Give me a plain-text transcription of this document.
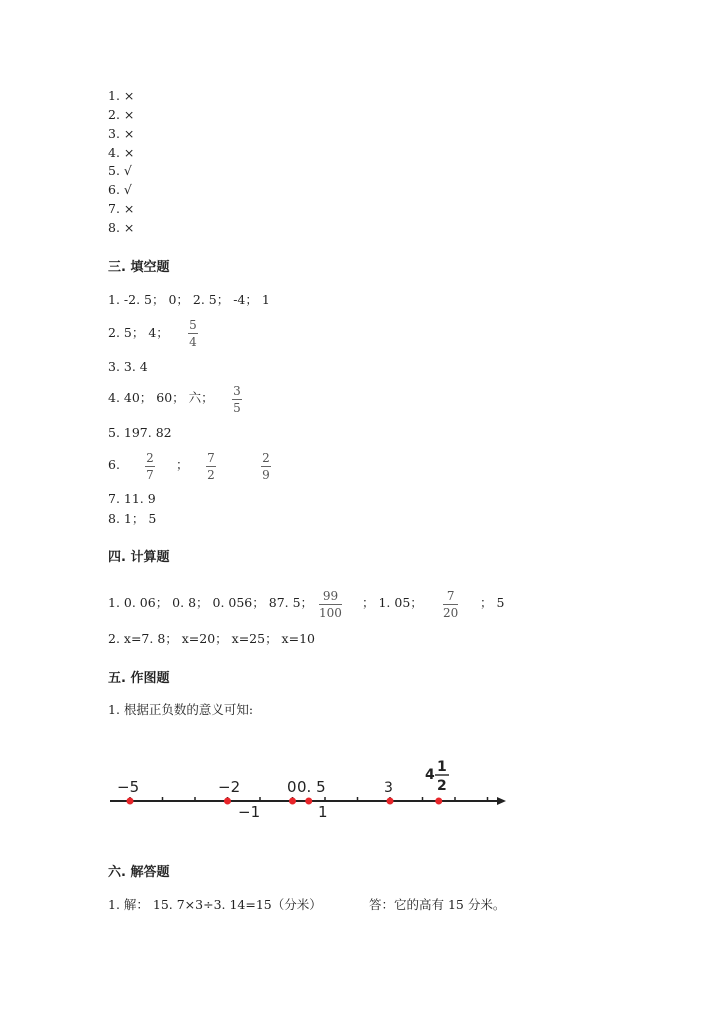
1. ×
2. ×
3. ×
4. ×
5. √
6. √
7. ×
8. ×
三. 填空题
1. -2. 5； 0； 2. 5； -4； 1
2. 5； 4； 5
4
3. 3. 4
4. 40； 60； 六； 3
5
5. 197. 82
6. 2
7
； 7
2
2
9
7. 11. 9
8. 1； 5
四. 计算题
1. 0. 06； 0. 8； 0. 056； 87. 5； 99
100
； 1. 05； 7
20
； 5
2. x=7. 8； x=20； x=25； x=10
五. 作图题
1. 根据正负数的意义可知:
−5	−2	0 0. 5	3
−1	1
4 1
2
六. 解答题
1. 解： 15. 7×3÷3. 14=15（分米）	答：它的高有 15 分米。
